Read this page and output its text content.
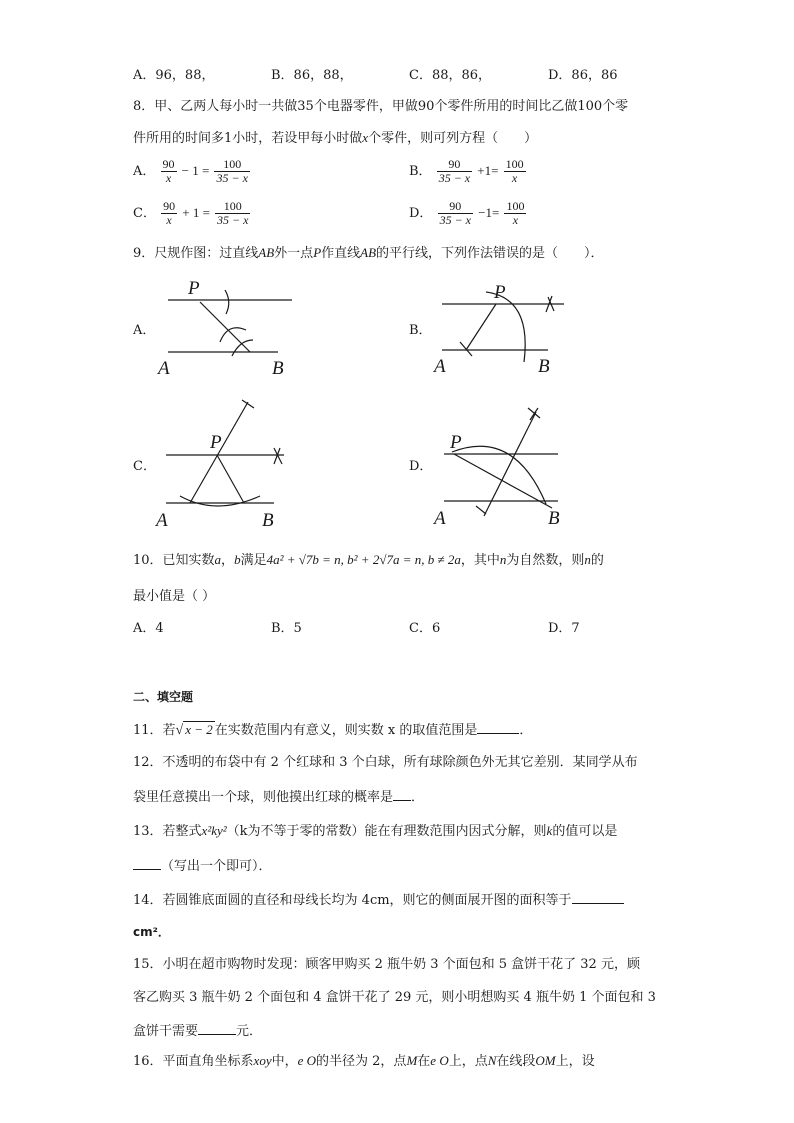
A．96，88，	B．86，88，	C．88，86，	D．86，86
8．甲、乙两人每小时一共做35个电器零件，甲做90个零件所用的时间比乙做100个零
件所用的时间多1小时，若设甲每小时做x个零件，则可列方程（　　）
A． $\frac{90}{x} - 1 = \frac{100}{35 - x}$	B． $\frac{90}{35 - x} +1= \frac{100}{x}$
C． $\frac{90}{x} + 1 = \frac{100}{35 - x}$	D． $\frac{90}{35 - x} -1= \frac{100}{x}$
9．尺规作图：过直线AB外一点P作直线AB的平行线，下列作法错误的是（　　）．
A．	B．
C．	D．
P
A	B
P
A	B
P
A	B
P
A	B
10．已知实数a，b满足4a² + √7b = n, b² + 2√7a = n, b ≠ 2a，其中n为自然数，则n的
最小值是（ ）
A．4	B．5	C．6	D．7
二、填空题
11．若√ x − 2 在实数范围内有意义，则实数 x 的取值范围是	．
12．不透明的布袋中有 2 个红球和 3 个白球，所有球除颜色外无其它差别．某同学从布
袋里任意摸出一个球，则他摸出红球的概率是 ．
13．若整式x²ky²（k为不等于零的常数）能在有理数范围内因式分解，则k的值可以是
（写出一个即可）．
14．若圆锥底面圆的直径和母线长均为 4cm，则它的侧面展开图的面积等于
cm²．
15．小明在超市购物时发现：顾客甲购买 2 瓶牛奶 3 个面包和 5 盒饼干花了 32 元，顾
客乙购买 3 瓶牛奶 2 个面包和 4 盒饼干花了 29 元，则小明想购买 4 瓶牛奶 1 个面包和 3
盒饼干需要	元．
16．平面直角坐标系xoy中，e O的半径为 2，点M在e O上，点N在线段OM上，设
